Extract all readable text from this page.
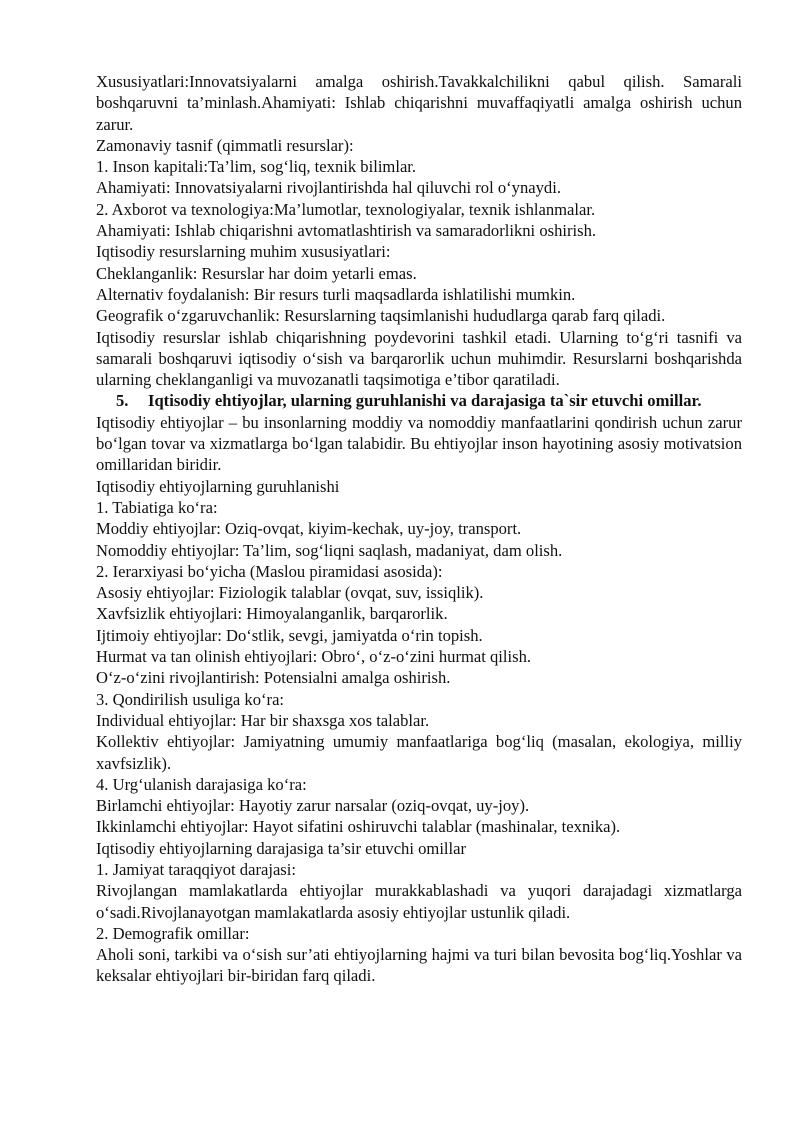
Xususiyatlari:Innovatsiyalarni amalga oshirish.Tavakkalchilikni qabul qilish. Samarali boshqaruvni ta’minlash.Ahamiyati: Ishlab chiqarishni muvaffaqiyatli amalga oshirish uchun zarur.

Zamonaviy tasnif (qimmatli resurslar):

1. Inson kapitali:Ta’lim, sog‘liq, texnik bilimlar.

Ahamiyati: Innovatsiyalarni rivojlantirishda hal qiluvchi rol o‘ynaydi.

2. Axborot va texnologiya:Ma’lumotlar, texnologiyalar, texnik ishlanmalar.

Ahamiyati: Ishlab chiqarishni avtomatlashtirish va samaradorlikni oshirish.

Iqtisodiy resurslarning muhim xususiyatlari:

Cheklanganlik: Resurslar har doim yetarli emas.

Alternativ foydalanish: Bir resurs turli maqsadlarda ishlatilishi mumkin.

Geografik o‘zgaruvchanlik: Resurslarning taqsimlanishi hududlarga qarab farq qiladi.

Iqtisodiy resurslar ishlab chiqarishning poydevorini tashkil etadi. Ularning to‘g‘ri tasnifi va samarali boshqaruvi iqtisodiy o‘sish va barqarorlik uchun muhimdir. Resurslarni boshqarishda ularning cheklanganligi va muvozanatli taqsimotiga e’tibor qaratiladi.

5.	Iqtisodiy ehtiyojlar, ularning guruhlanishi va darajasiga ta`sir etuvchi omillar.

Iqtisodiy ehtiyojlar – bu insonlarning moddiy va nomoddiy manfaatlarini qondirish uchun zarur bo‘lgan tovar va xizmatlarga bo‘lgan talabidir. Bu ehtiyojlar inson hayotining asosiy motivatsion omillaridan biridir.

Iqtisodiy ehtiyojlarning guruhlanishi

1. Tabiatiga ko‘ra:

Moddiy ehtiyojlar: Oziq-ovqat, kiyim-kechak, uy-joy, transport.

Nomoddiy ehtiyojlar: Ta’lim, sog‘liqni saqlash, madaniyat, dam olish.

2. Ierarxiyasi bo‘yicha (Maslou piramidasi asosida):

Asosiy ehtiyojlar: Fiziologik talablar (ovqat, suv, issiqlik).

Xavfsizlik ehtiyojlari: Himoyalanganlik, barqarorlik.

Ijtimoiy ehtiyojlar: Do‘stlik, sevgi, jamiyatda o‘rin topish.

Hurmat va tan olinish ehtiyojlari: Obro‘, o‘z-o‘zini hurmat qilish.

O‘z-o‘zini rivojlantirish: Potensialni amalga oshirish.

3. Qondirilish usuliga ko‘ra:

Individual ehtiyojlar: Har bir shaxsga xos talablar.

Kollektiv ehtiyojlar: Jamiyatning umumiy manfaatlariga bog‘liq (masalan, ekologiya, milliy xavfsizlik).

4. Urg‘ulanish darajasiga ko‘ra:

Birlamchi ehtiyojlar: Hayotiy zarur narsalar (oziq-ovqat, uy-joy).

Ikkinlamchi ehtiyojlar: Hayot sifatini oshiruvchi talablar (mashinalar, texnika).

Iqtisodiy ehtiyojlarning darajasiga ta’sir etuvchi omillar

1. Jamiyat taraqqiyot darajasi:

Rivojlangan mamlakatlarda ehtiyojlar murakkablashadi va yuqori darajadagi xizmatlarga o‘sadi.Rivojlanayotgan mamlakatlarda asosiy ehtiyojlar ustunlik qiladi.

2. Demografik omillar:

Aholi soni, tarkibi va o‘sish sur’ati ehtiyojlarning hajmi va turi bilan bevosita bog‘liq.Yoshlar va keksalar ehtiyojlari bir-biridan farq qiladi.
